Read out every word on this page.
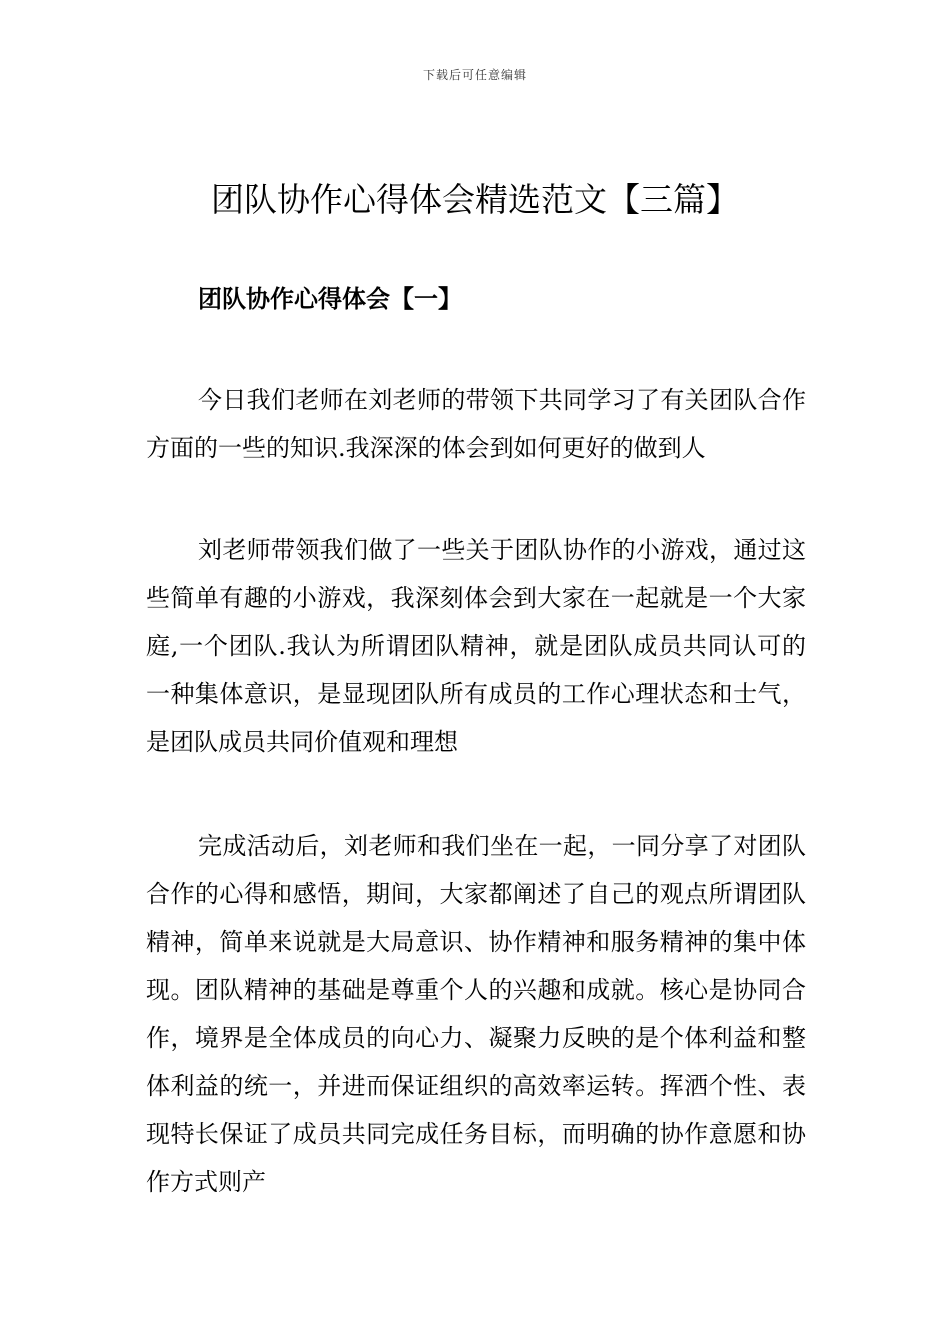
下载后可任意编辑
团队协作心得体会精选范文【三篇】
团队协作心得体会【一】

今日我们老师在刘老师的带领下共同学习了有关团队合作方面的一些的知识.我深深的体会到如何更好的做到人

刘老师带领我们做了一些关于团队协作的小游戏，通过这些简单有趣的小游戏，我深刻体会到大家在一起就是一个大家庭,一个团队.我认为所谓团队精神，就是团队成员共同认可的一种集体意识，是显现团队所有成员的工作心理状态和士气，是团队成员共同价值观和理想

完成活动后，刘老师和我们坐在一起，一同分享了对团队合作的心得和感悟，期间，大家都阐述了自己的观点所谓团队精神，简单来说就是大局意识、协作精神和服务精神的集中体现。团队精神的基础是尊重个人的兴趣和成就。核心是协同合作，境界是全体成员的向心力、凝聚力反映的是个体利益和整体利益的统一，并进而保证组织的高效率运转。挥洒个性、表现特长保证了成员共同完成任务目标，而明确的协作意愿和协作方式则产
